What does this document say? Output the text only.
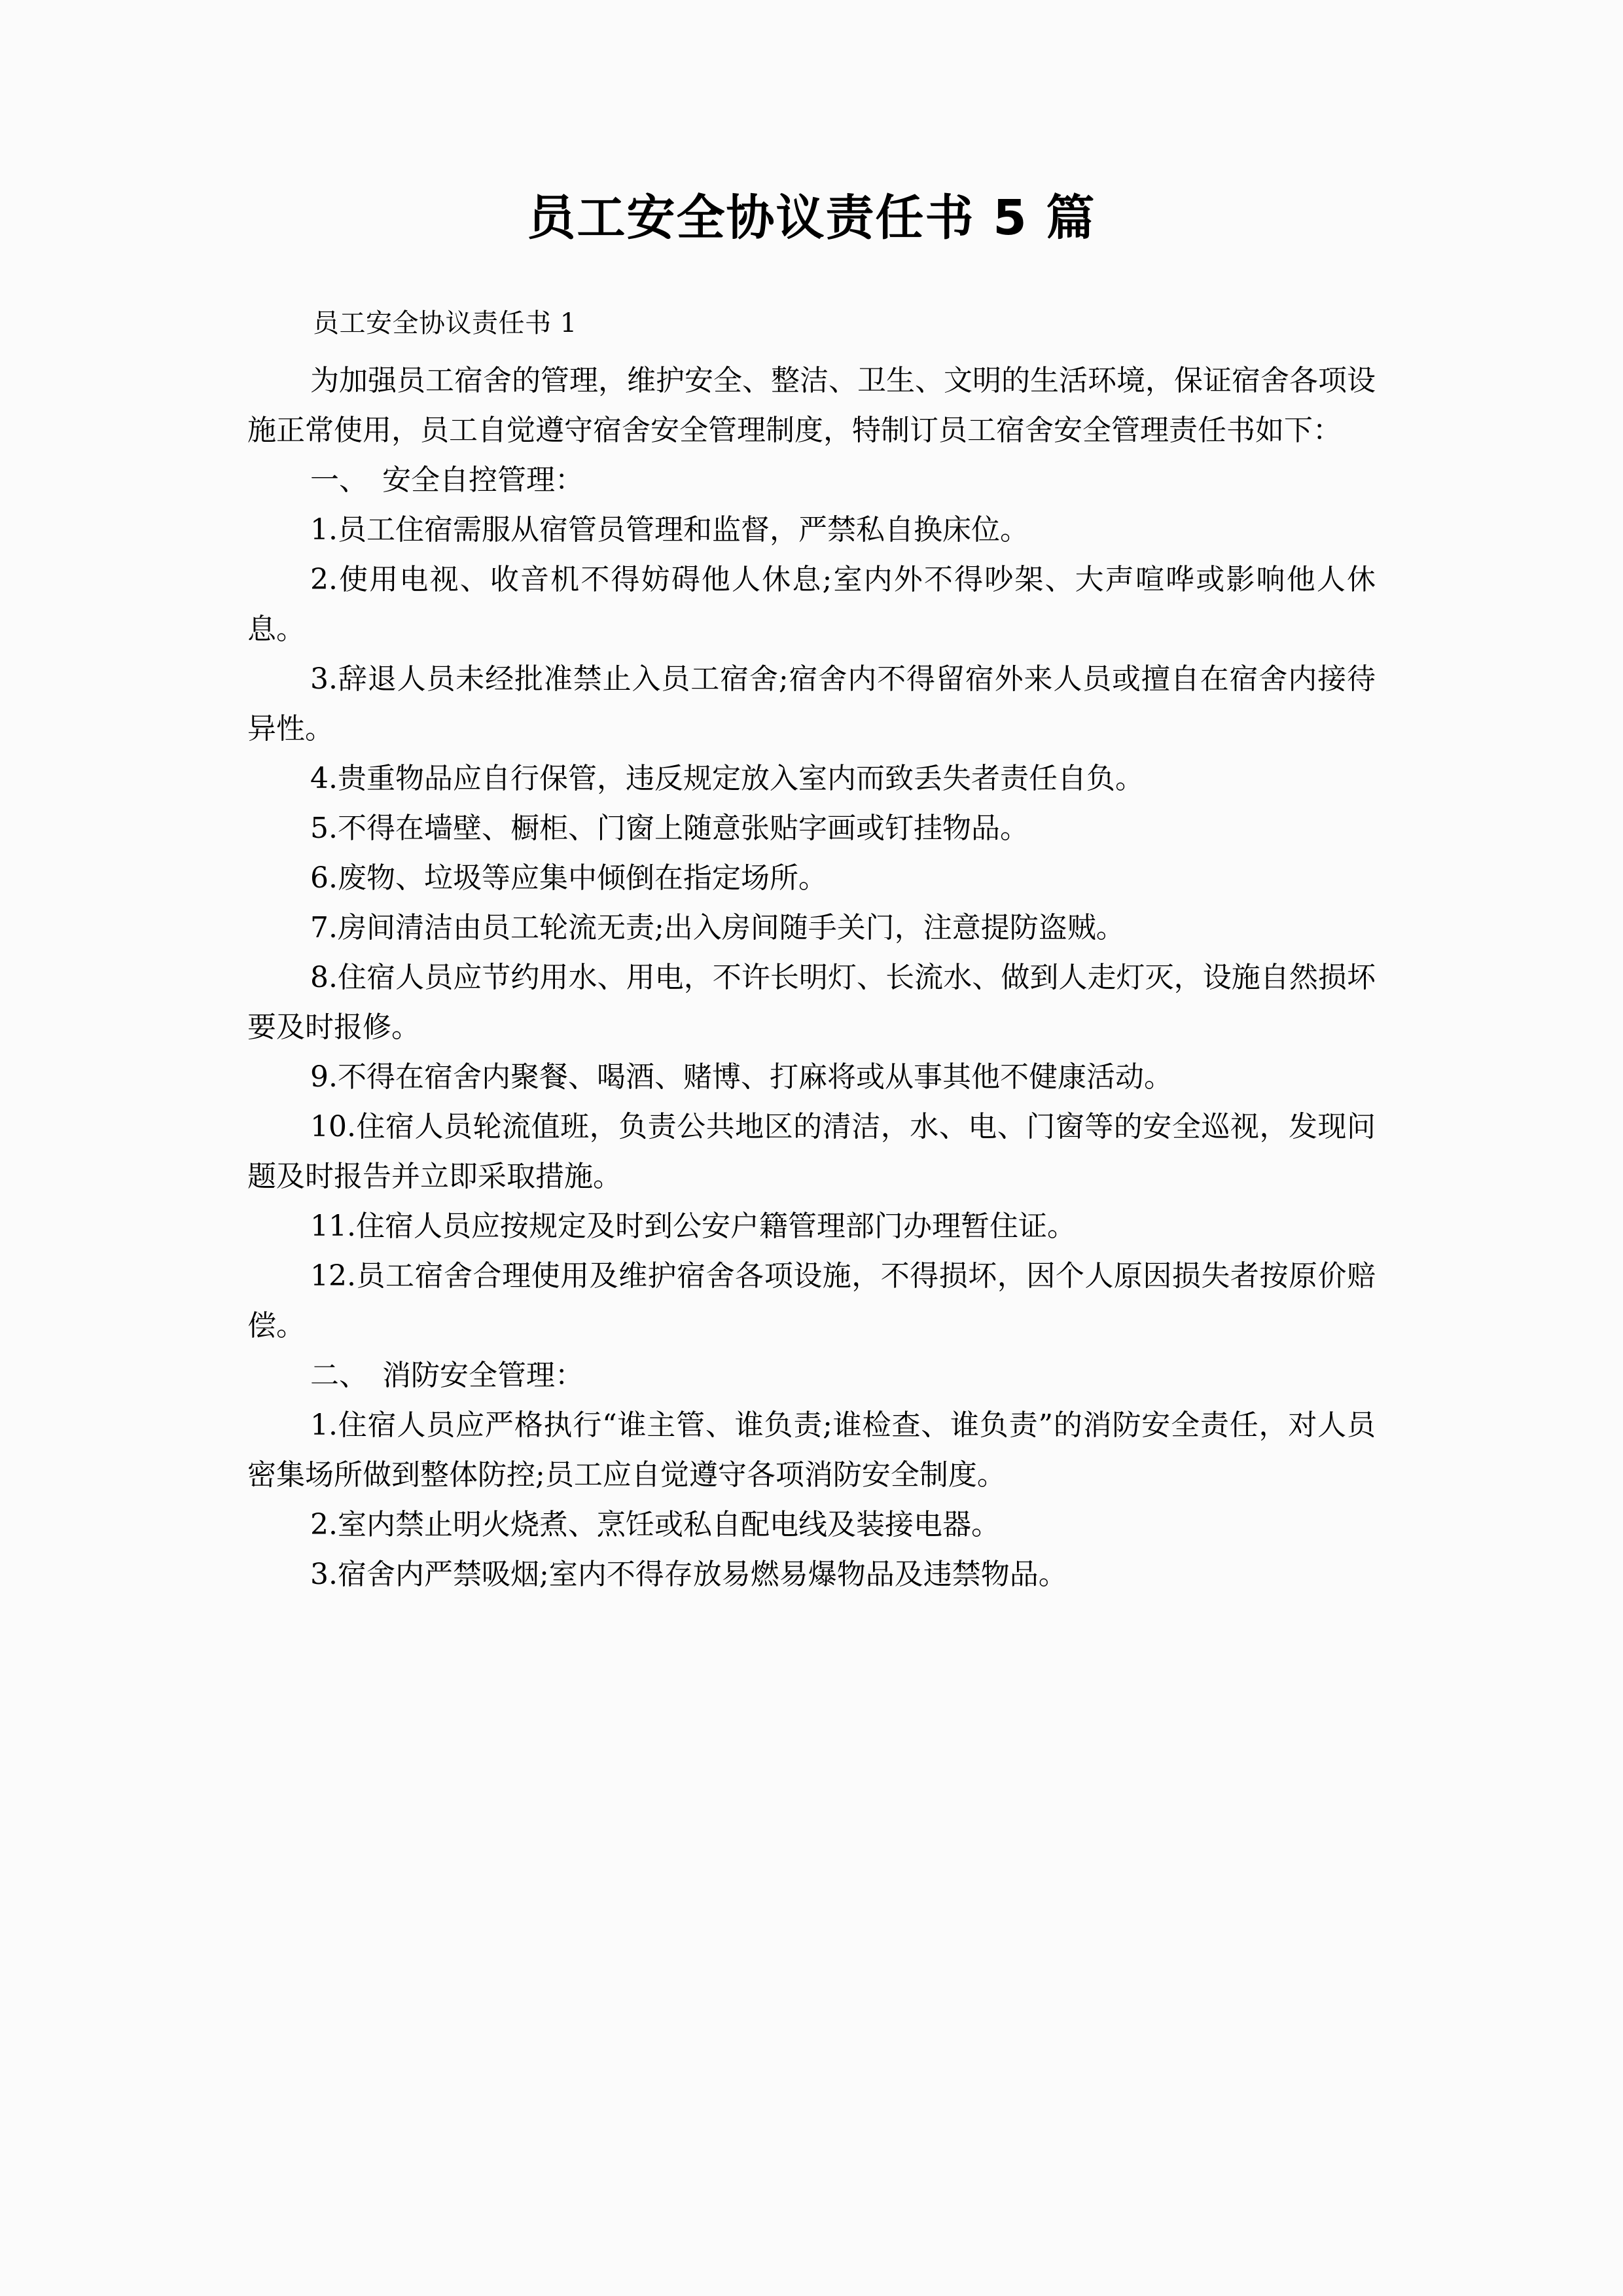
员工安全协议责任书 5 篇
员工安全协议责任书 1

为加强员工宿舍的管理，维护安全、整洁、卫生、文明的生活环境，保证宿舍各项设施正常使用，员工自觉遵守宿舍安全管理制度，特制订员工宿舍安全管理责任书如下：

一、　安全自控管理：

1.员工住宿需服从宿管员管理和监督，严禁私自换床位。

2.使用电视、收音机不得妨碍他人休息;室内外不得吵架、大声喧哗或影响他人休息。

3.辞退人员未经批准禁止入员工宿舍;宿舍内不得留宿外来人员或擅自在宿舍内接待异性。

4.贵重物品应自行保管，违反规定放入室内而致丢失者责任自负。

5.不得在墙壁、橱柜、门窗上随意张贴字画或钉挂物品。

6.废物、垃圾等应集中倾倒在指定场所。

7.房间清洁由员工轮流无责;出入房间随手关门，注意提防盗贼。

8.住宿人员应节约用水、用电，不许长明灯、长流水、做到人走灯灭，设施自然损坏要及时报修。

9.不得在宿舍内聚餐、喝酒、赌博、打麻将或从事其他不健康活动。

10.住宿人员轮流值班，负责公共地区的清洁，水、电、门窗等的安全巡视，发现问题及时报告并立即采取措施。

11.住宿人员应按规定及时到公安户籍管理部门办理暂住证。

12.员工宿舍合理使用及维护宿舍各项设施，不得损坏，因个人原因损失者按原价赔偿。

二、　消防安全管理：

1.住宿人员应严格执行“谁主管、谁负责;谁检查、谁负责”的消防安全责任，对人员密集场所做到整体防控;员工应自觉遵守各项消防安全制度。

2.室内禁止明火烧煮、烹饪或私自配电线及装接电器。

3.宿舍内严禁吸烟;室内不得存放易燃易爆物品及违禁物品。
